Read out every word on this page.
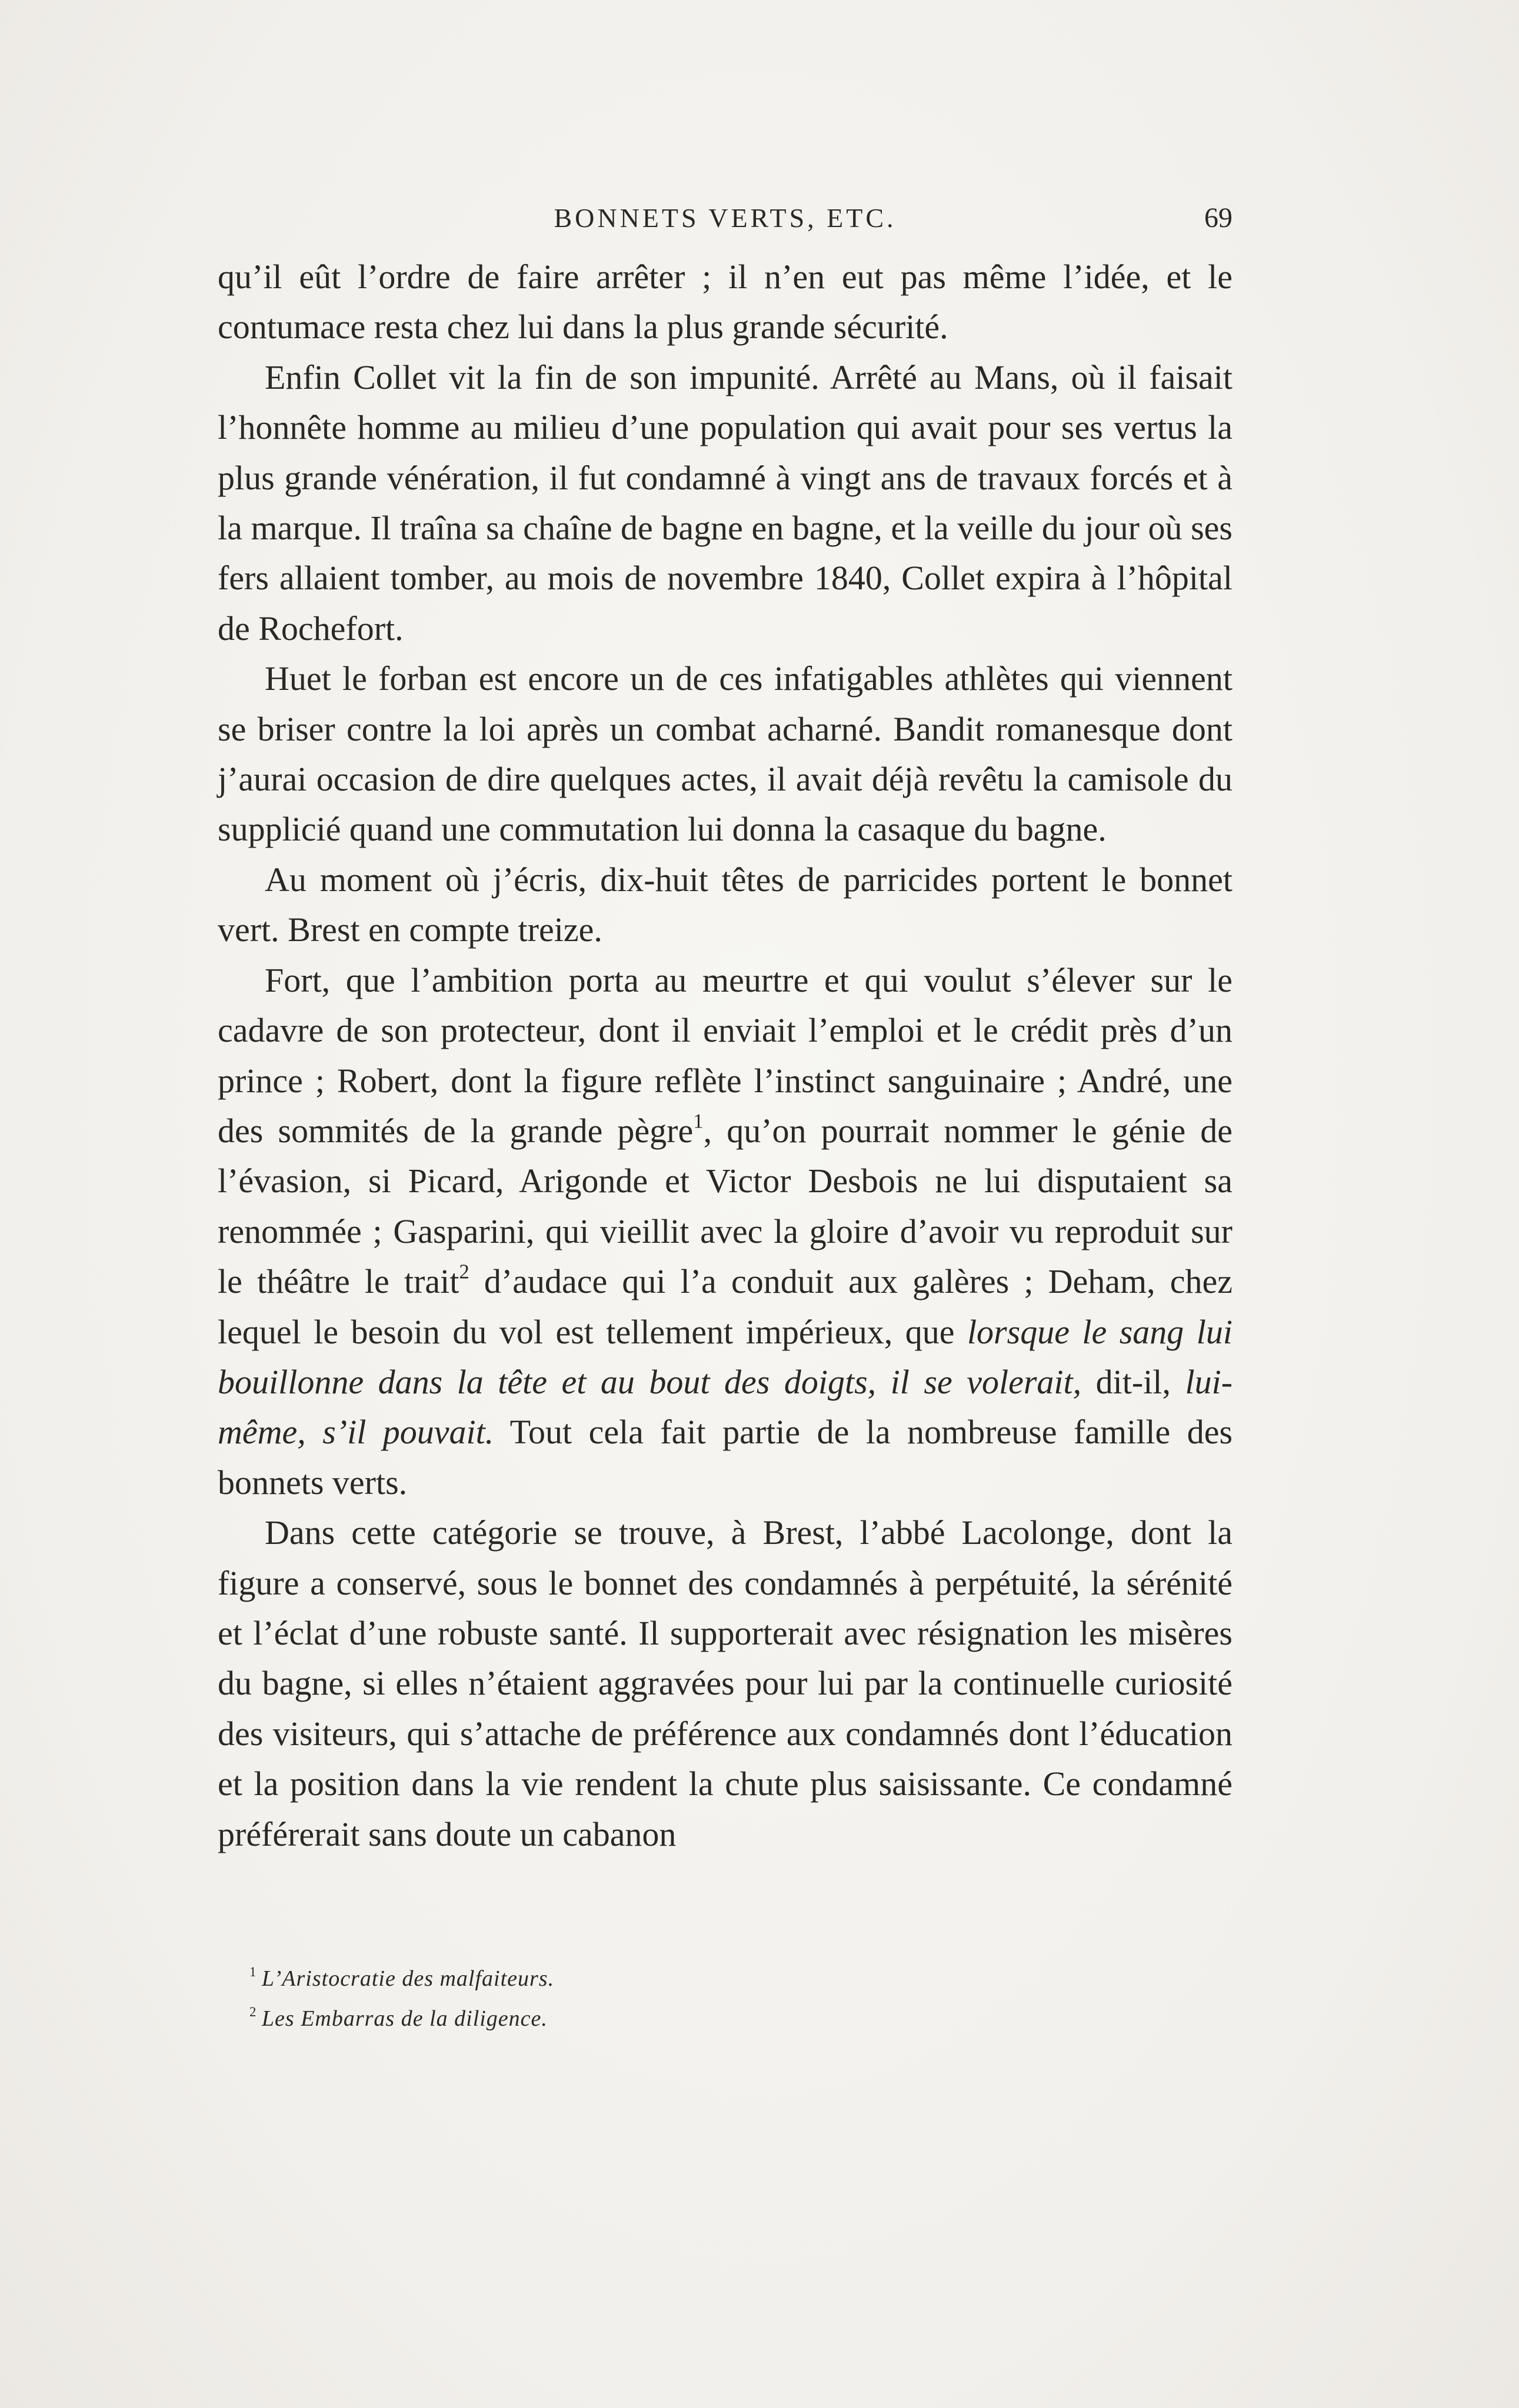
BONNETS VERTS, ETC.	69

qu’il eût l’ordre de faire arrêter ; il n’en eut pas même l’idée, et le contumace resta chez lui dans la plus grande sécurité.

Enfin Collet vit la fin de son impunité. Arrêté au Mans, où il faisait l’honnête homme au milieu d’une population qui avait pour ses vertus la plus grande vénération, il fut condamné à vingt ans de travaux forcés et à la marque. Il traîna sa chaîne de bagne en bagne, et la veille du jour où ses fers allaient tomber, au mois de novembre 1840, Collet expira à l’hôpital de Rochefort.

Huet le forban est encore un de ces infatigables athlètes qui viennent se briser contre la loi après un combat acharné. Bandit romanesque dont j’aurai occasion de dire quelques actes, il avait déjà revêtu la camisole du supplicié quand une commutation lui donna la casaque du bagne.

Au moment où j’écris, dix-huit têtes de parricides portent le bonnet vert. Brest en compte treize.

Fort, que l’ambition porta au meurtre et qui voulut s’élever sur le cadavre de son protecteur, dont il enviait l’emploi et le crédit près d’un prince ; Robert, dont la figure reflète l’instinct sanguinaire ; André, une des sommités de la grande pègre$^1$, qu’on pourrait nommer le génie de l’évasion, si Picard, Arigonde et Victor Desbois ne lui disputaient sa renommée ; Gasparini, qui vieillit avec la gloire d’avoir vu reproduit sur le théâtre le trait$^2$ d’audace qui l’a conduit aux galères ; Deham, chez lequel le besoin du vol est tellement impérieux, que lorsque le sang lui bouillonne dans la tête et au bout des doigts, il se volerait, dit-il, lui-même, s’il pouvait. Tout cela fait partie de la nombreuse famille des bonnets verts.

Dans cette catégorie se trouve, à Brest, l’abbé Lacolonge, dont la figure a conservé, sous le bonnet des condamnés à perpétuité, la sérénité et l’éclat d’une robuste santé. Il supporterait avec résignation les misères du bagne, si elles n’étaient aggravées pour lui par la continuelle curiosité des visiteurs, qui s’attache de préférence aux condamnés dont l’éducation et la position dans la vie rendent la chute plus saisissante. Ce condamné préférerait sans doute un cabanon

$^1$ L’Aristocratie des malfaiteurs.
$^2$ Les Embarras de la diligence.
